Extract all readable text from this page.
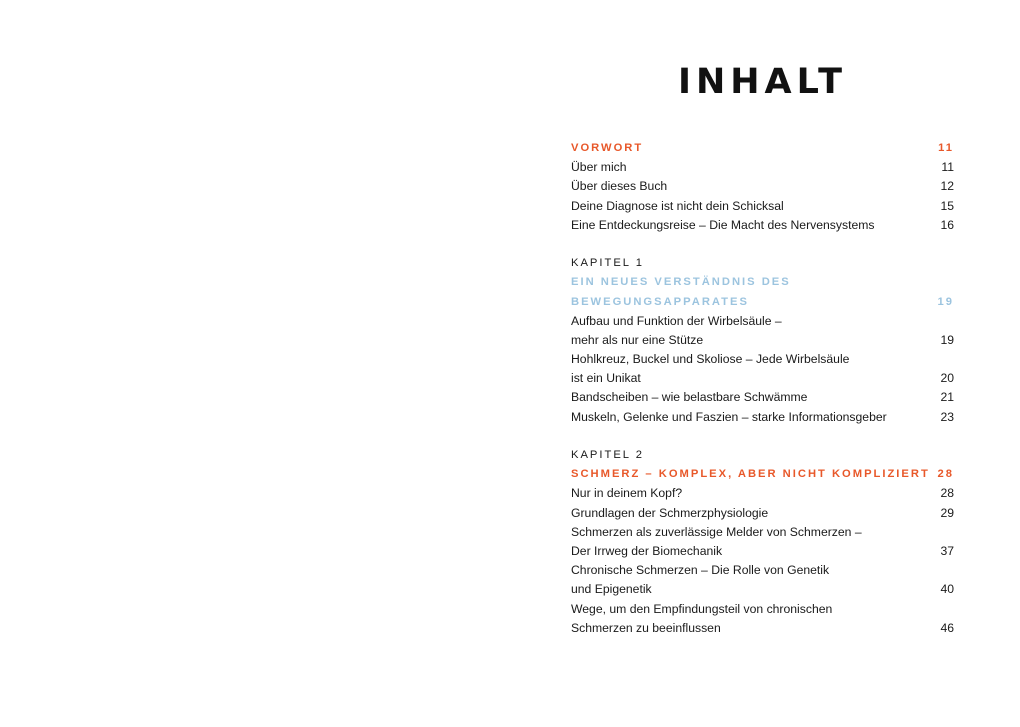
INHALT
VORWORT	11
Über mich	11
Über dieses Buch	12
Deine Diagnose ist nicht dein Schicksal	15
Eine Entdeckungsreise – Die Macht des Nervensystems	16
KAPITEL 1
EIN NEUES VERSTÄNDNIS DES
BEWEGUNGSAPPARATES	19
Aufbau und Funktion der Wirbelsäule –
mehr als nur eine Stütze	19
Hohlkreuz, Buckel und Skoliose – Jede Wirbelsäule
ist ein Unikat	20
Bandscheiben – wie belastbare Schwämme	21
Muskeln, Gelenke und Faszien – starke Informationsgeber	23
KAPITEL 2
SCHMERZ – KOMPLEX, ABER NICHT KOMPLIZIERT 28
Nur in deinem Kopf?	28
Grundlagen der Schmerzphysiologie	29
Schmerzen als zuverlässige Melder von Schmerzen –
Der Irrweg der Biomechanik	37
Chronische Schmerzen – Die Rolle von Genetik
und Epigenetik	40
Wege, um den Empfindungsteil von chronischen
Schmerzen zu beeinflussen	46
